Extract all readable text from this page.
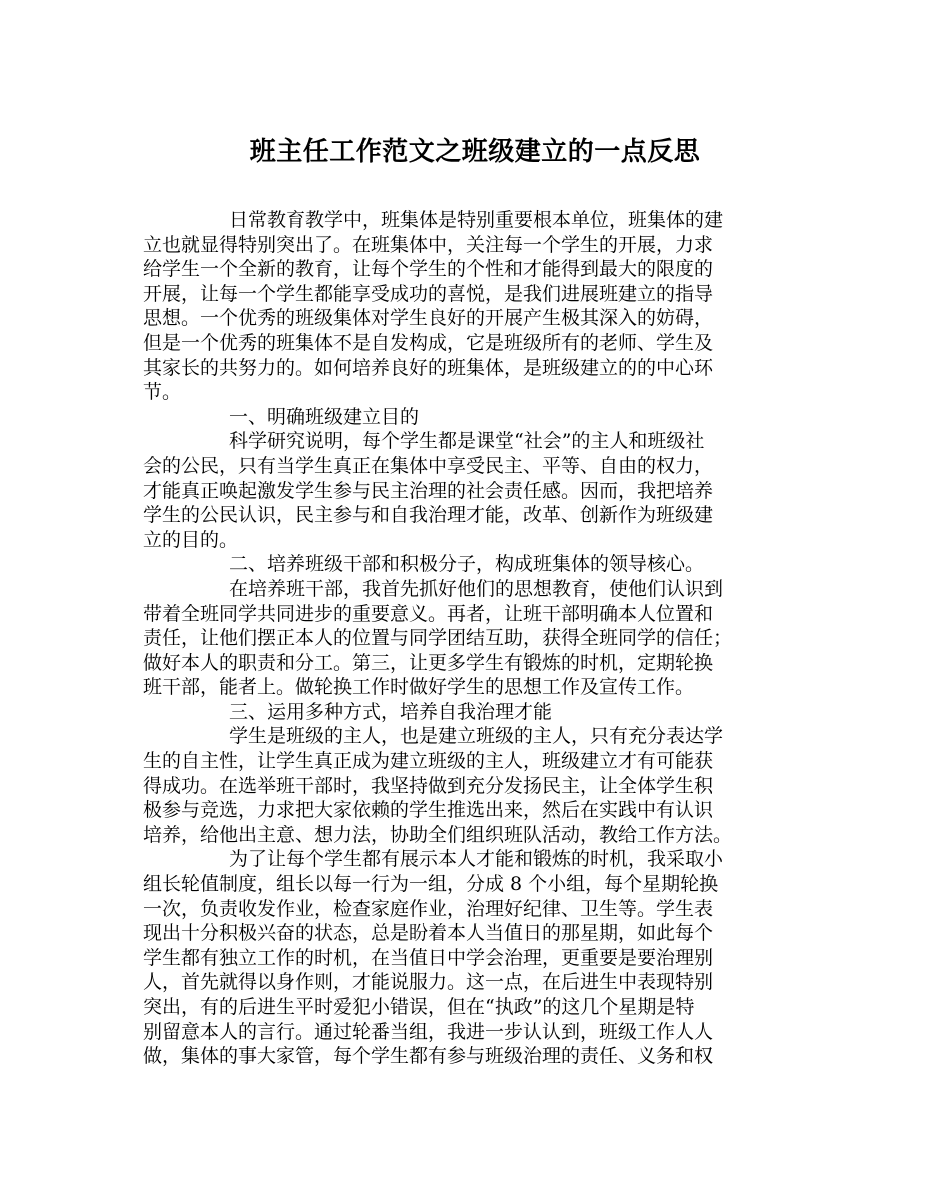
班主任工作范文之班级建立的一点反思
日常教育教学中，班集体是特别重要根本单位，班集体的建
立也就显得特别突出了。在班集体中，关注每一个学生的开展，力求
给学生一个全新的教育，让每个学生的个性和才能得到最大的限度的
开展，让每一个学生都能享受成功的喜悦，是我们进展班建立的指导
思想。一个优秀的班级集体对学生良好的开展产生极其深入的妨碍，
但是一个优秀的班集体不是自发构成，它是班级所有的老师、学生及
其家长的共努力的。如何培养良好的班集体，是班级建立的的中心环
节。
一、明确班级建立目的
科学研究说明，每个学生都是课堂“社会”的主人和班级社
会的公民，只有当学生真正在集体中享受民主、平等、自由的权力，
才能真正唤起激发学生参与民主治理的社会责任感。因而，我把培养
学生的公民认识，民主参与和自我治理才能，改革、创新作为班级建
立的目的。
二、培养班级干部和积极分子，构成班集体的领导核心。
在培养班干部，我首先抓好他们的思想教育，使他们认识到
带着全班同学共同进步的重要意义。再者，让班干部明确本人位置和
责任，让他们摆正本人的位置与同学团结互助，获得全班同学的信任；
做好本人的职责和分工。第三，让更多学生有锻炼的时机，定期轮换
班干部，能者上。做轮换工作时做好学生的思想工作及宣传工作。
三、运用多种方式，培养自我治理才能
学生是班级的主人，也是建立班级的主人，只有充分表达学
生的自主性，让学生真正成为建立班级的主人，班级建立才有可能获
得成功。在选举班干部时，我坚持做到充分发扬民主，让全体学生积
极参与竞选，力求把大家依赖的学生推选出来，然后在实践中有认识
培养，给他出主意、想力法，协助全们组织班队活动，教给工作方法。
为了让每个学生都有展示本人才能和锻炼的时机，我采取小
组长轮值制度，组长以每一行为一组，分成 8 个小组，每个星期轮换
一次，负责收发作业，检查家庭作业，治理好纪律、卫生等。学生表
现出十分积极兴奋的状态，总是盼着本人当值日的那星期，如此每个
学生都有独立工作的时机，在当值日中学会治理，更重要是要治理别
人，首先就得以身作则，才能说服力。这一点，在后进生中表现特别
突出，有的后进生平时爱犯小错误，但在“执政”的这几个星期是特
别留意本人的言行。通过轮番当组，我进一步认认到，班级工作人人
做，集体的事大家管，每个学生都有参与班级治理的责任、义务和权
